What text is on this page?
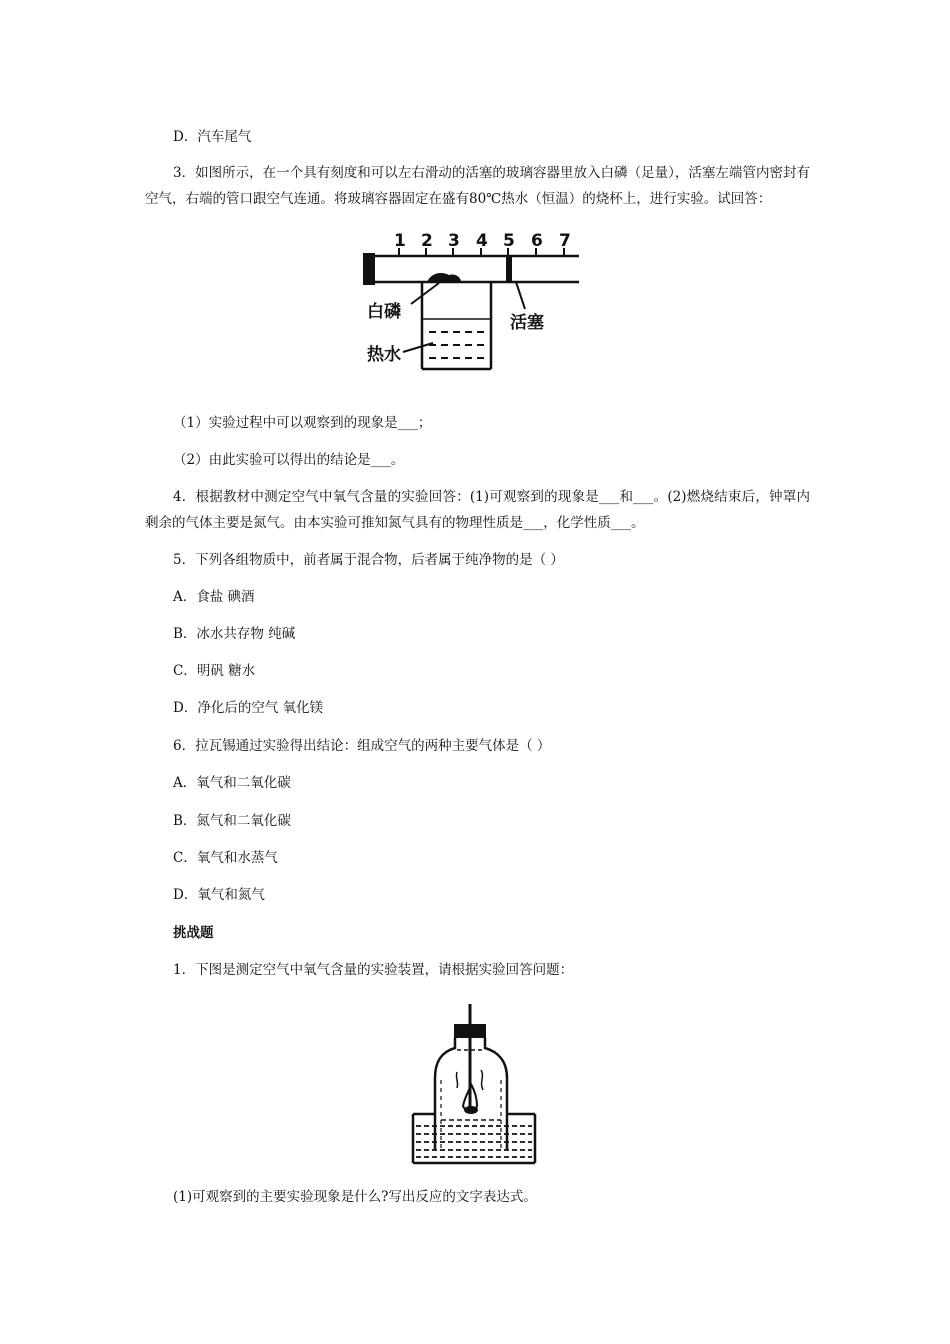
D．汽车尾气
3．如图所示，在一个具有刻度和可以左右滑动的活塞的玻璃容器里放入白磷（足量），活塞左端管内密封有空气，右端的管口跟空气连通。将玻璃容器固定在盛有80℃热水（恒温）的烧杯上，进行实验。试回答：
1 2 3 4 5 6 7
白磷
活塞
热水
（1）实验过程中可以观察到的现象是___；
（2）由此实验可以得出的结论是___。
4．根据教材中测定空气中氧气含量的实验回答：(1)可观察到的现象是___和___。(2)燃烧结束后，钟罩内剩余的气体主要是氮气。由本实验可推知氮气具有的物理性质是___，化学性质___。
5．下列各组物质中，前者属于混合物，后者属于纯净物的是（ ）
A．食盐 碘酒
B．冰水共存物 纯碱
C．明矾 糖水
D．净化后的空气 氧化镁
6．拉瓦锡通过实验得出结论：组成空气的两种主要气体是（ ）
A．氧气和二氧化碳
B．氮气和二氧化碳
C．氧气和水蒸气
D．氧气和氮气
挑战题
1．下图是测定空气中氧气含量的实验装置，请根据实验回答问题：
(1)可观察到的主要实验现象是什么?写出反应的文字表达式。
